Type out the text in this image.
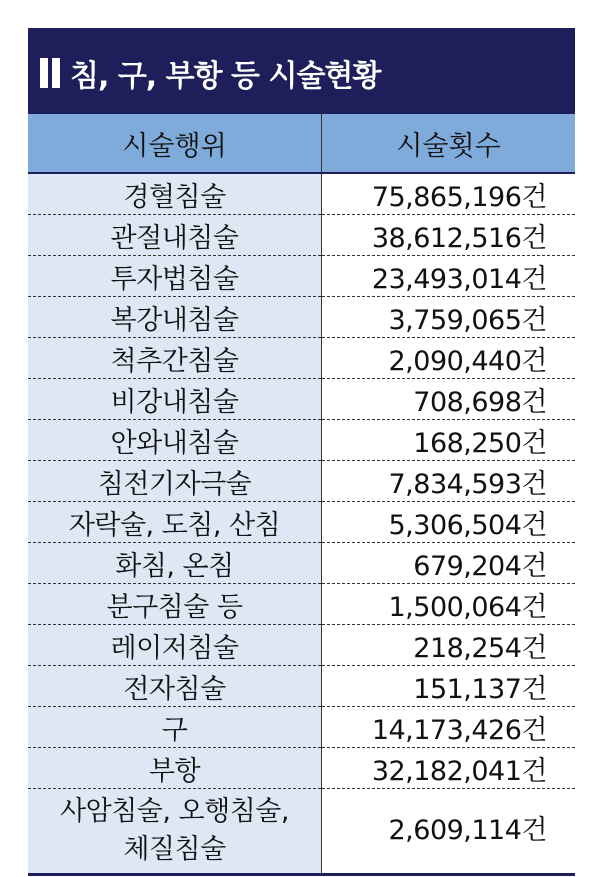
침, 구, 부항 등 시술현황
시술행위	시술횟수
경혈침술	75,865,196건
관절내침술	38,612,516건
투자법침술	23,493,014건
복강내침술	3,759,065건
척추간침술	2,090,440건
비강내침술	708,698건
안와내침술	168,250건
침전기자극술	7,834,593건
자락술, 도침, 산침	5,306,504건
화침, 온침	679,204건
분구침술 등	1,500,064건
레이저침술	218,254건
전자침술	151,137건
구	14,173,426건
부항	32,182,041건

사암침술, 오행침술,
체질침술	2,609,114건
